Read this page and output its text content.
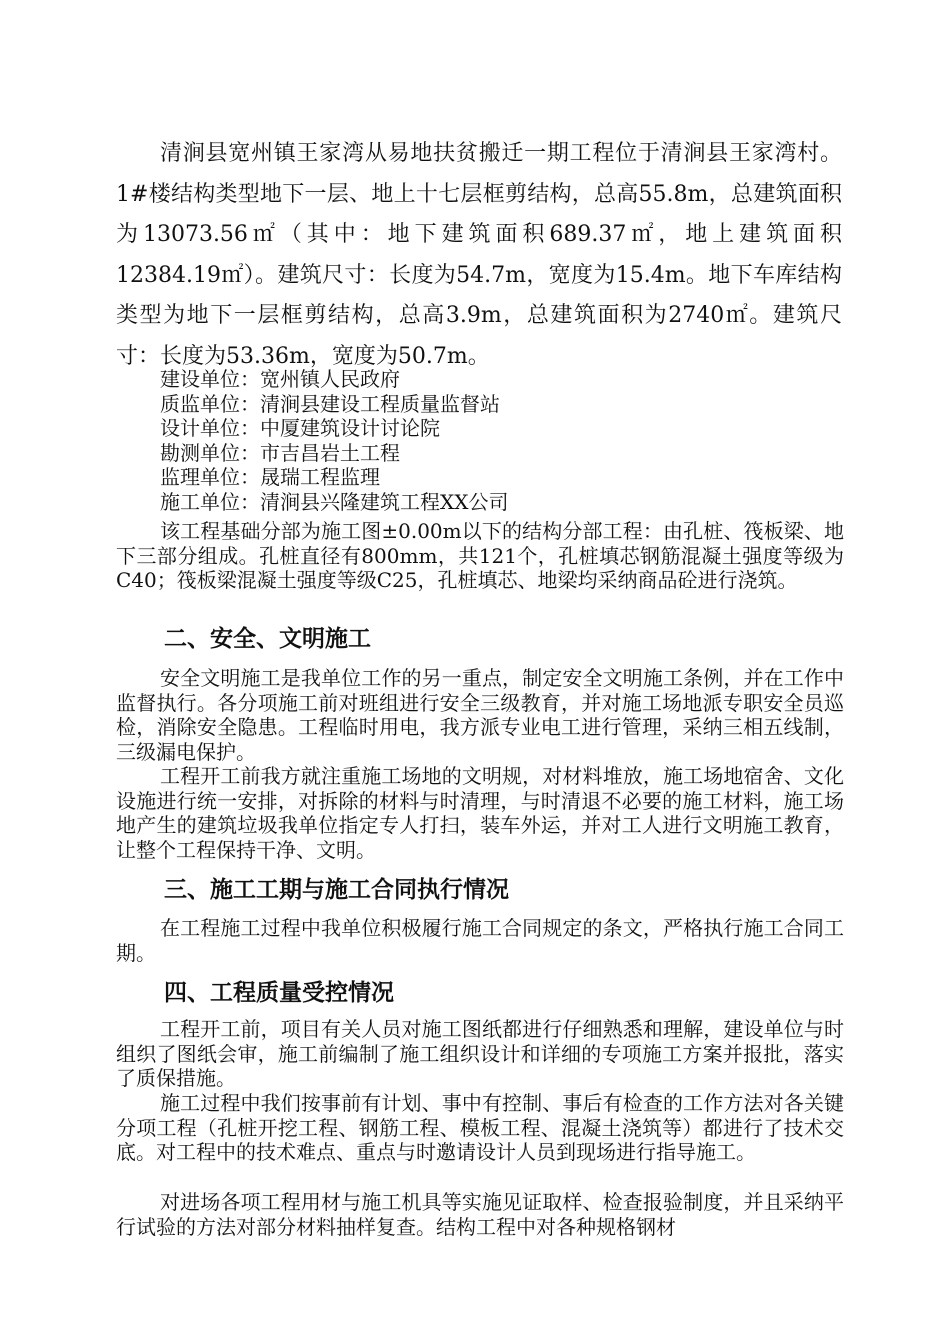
清涧县宽州镇王家湾从易地扶贫搬迁一期工程位于清涧县王家湾村。1#楼结构类型地下一层、地上十七层框剪结构，总高55.8m，总建筑面积为13073.56㎡（其中：地下建筑面积689.37㎡，地上建筑面积12384.19㎡）。建筑尺寸：长度为54.7m，宽度为15.4m。地下车库结构类型为地下一层框剪结构，总高3.9m，总建筑面积为2740㎡。建筑尺寸：长度为53.36m，宽度为50.7m。

建设单位：宽州镇人民政府
质监单位：清涧县建设工程质量监督站
设计单位：中厦建筑设计讨论院
勘测单位：市吉昌岩土工程
监理单位：晟瑞工程监理
施工单位：清涧县兴隆建筑工程XX公司

该工程基础分部为施工图±0.00m以下的结构分部工程：由孔桩、筏板梁、地下三部分组成。孔桩直径有800mm，共121个，孔桩填芯钢筋混凝土强度等级为C40；筏板梁混凝土强度等级C25，孔桩填芯、地梁均采纳商品砼进行浇筑。

二、安全、文明施工

安全文明施工是我单位工作的另一重点，制定安全文明施工条例，并在工作中监督执行。各分项施工前对班组进行安全三级教育，并对施工场地派专职安全员巡检，消除安全隐患。工程临时用电，我方派专业电工进行管理，采纳三相五线制，三级漏电保护。

工程开工前我方就注重施工场地的文明规，对材料堆放，施工场地宿舍、文化设施进行统一安排，对拆除的材料与时清理，与时清退不必要的施工材料，施工场地产生的建筑垃圾我单位指定专人打扫，装车外运，并对工人进行文明施工教育，让整个工程保持干净、文明。

三、施工工期与施工合同执行情况

在工程施工过程中我单位积极履行施工合同规定的条文，严格执行施工合同工期。

四、工程质量受控情况

工程开工前，项目有关人员对施工图纸都进行仔细熟悉和理解，建设单位与时组织了图纸会审，施工前编制了施工组织设计和详细的专项施工方案并报批，落实了质保措施。

施工过程中我们按事前有计划、事中有控制、事后有检查的工作方法对各关键分项工程（孔桩开挖工程、钢筋工程、模板工程、混凝土浇筑等）都进行了技术交底。对工程中的技术难点、重点与时邀请设计人员到现场进行指导施工。

对进场各项工程用材与施工机具等实施见证取样、检查报验制度，并且采纳平行试验的方法对部分材料抽样复查。结构工程中对各种规格钢材
